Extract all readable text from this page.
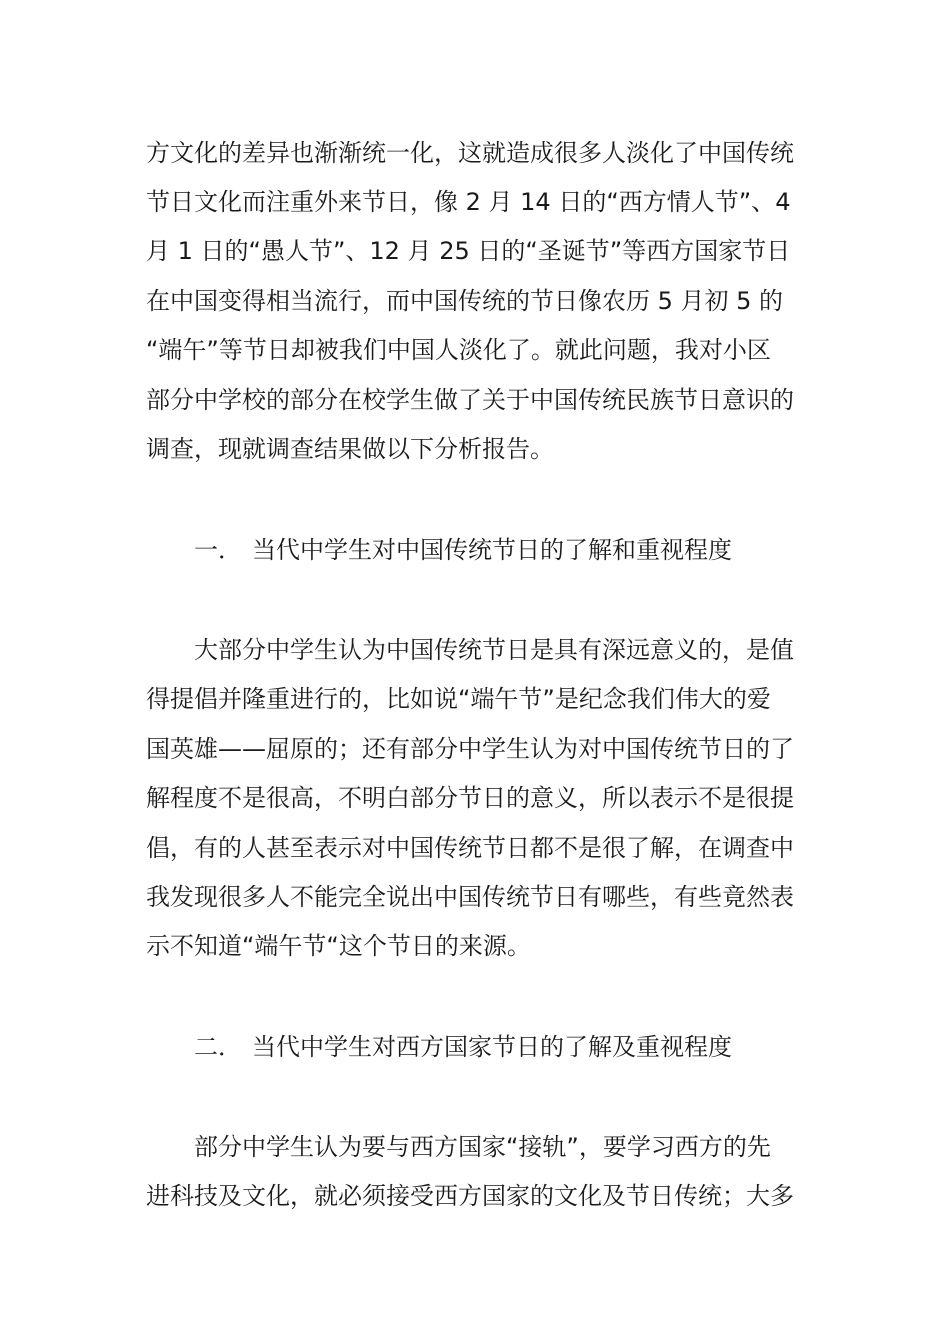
方文化的差异也渐渐统一化，这就造成很多人淡化了中国传统
节日文化而注重外来节日，像 2 月 14 日的“西方情人节”、4
月 1 日的“愚人节”、12 月 25 日的“圣诞节”等西方国家节日
在中国变得相当流行，而中国传统的节日像农历 5 月初 5 的
“端午”等节日却被我们中国人淡化了。就此问题，我对小区
部分中学校的部分在校学生做了关于中国传统民族节日意识的
调查，现就调查结果做以下分析报告。
一． 当代中学生对中国传统节日的了解和重视程度
大部分中学生认为中国传统节日是具有深远意义的，是值
得提倡并隆重进行的，比如说“端午节”是纪念我们伟大的爱
国英雄——屈原的；还有部分中学生认为对中国传统节日的了
解程度不是很高，不明白部分节日的意义，所以表示不是很提
倡，有的人甚至表示对中国传统节日都不是很了解，在调查中
我发现很多人不能完全说出中国传统节日有哪些，有些竟然表
示不知道“端午节“这个节日的来源。
二． 当代中学生对西方国家节日的了解及重视程度
部分中学生认为要与西方国家“接轨”，要学习西方的先
进科技及文化，就必须接受西方国家的文化及节日传统；大多
